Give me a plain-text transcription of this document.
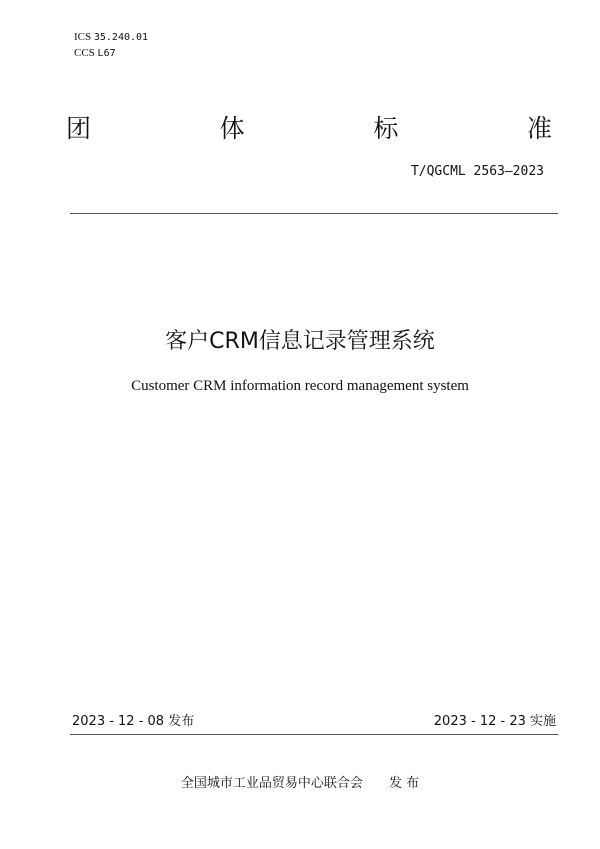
ICS 35.240.01
CCS L67
团	体	标	准
T/QGCML 2563—2023
客户CRM信息记录管理系统
Customer CRM information record management system
2023 - 12 - 08 发布	2023 - 12 - 23 实施
全国城市工业品贸易中心联合会 发 布
